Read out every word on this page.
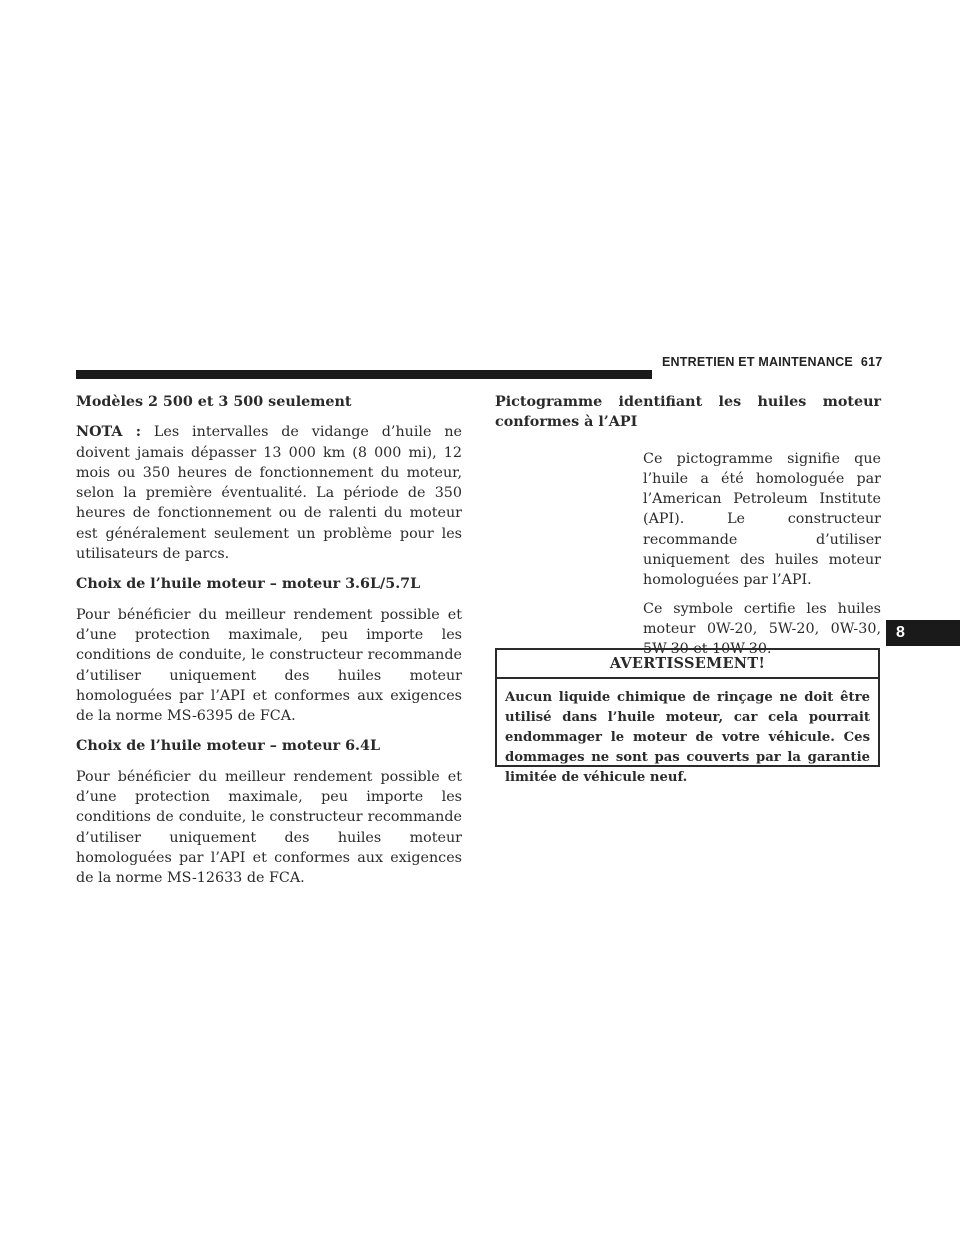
ENTRETIEN ET MAINTENANCE 617

Modèles 2 500 et 3 500 seulement

NOTA : Les intervalles de vidange d’huile ne doivent jamais dépasser 13 000 km (8 000 mi), 12 mois ou 350 heures de fonctionnement du moteur, selon la première éventualité. La période de 350 heures de fonctionnement ou de ralenti du moteur est généralement seulement un problème pour les utilisateurs de parcs.

Choix de l’huile moteur – moteur 3.6L/5.7L

Pour bénéficier du meilleur rendement possible et d’une protection maximale, peu importe les conditions de conduite, le constructeur recommande d’utiliser uniquement des huiles moteur homologuées par l’API et conformes aux exigences de la norme MS-6395 de FCA.

Choix de l’huile moteur – moteur 6.4L

Pour bénéficier du meilleur rendement possible et d’une protection maximale, peu importe les conditions de conduite, le constructeur recommande d’utiliser uniquement des huiles moteur homologuées par l’API et conformes aux exigences de la norme MS-12633 de FCA.

Pictogramme identifiant les huiles moteur conformes à l’API

Ce pictogramme signifie que l’huile a été homologuée par l’American Petroleum Institute (API). Le constructeur recommande d’utiliser uniquement des huiles moteur homologuées par l’API.

Ce symbole certifie les huiles moteur 0W-20, 5W-20, 0W-30, 5W-30 et 10W-30.

AVERTISSEMENT!
Aucun liquide chimique de rinçage ne doit être utilisé dans l’huile moteur, car cela pourrait endommager le moteur de votre véhicule. Ces dommages ne sont pas couverts par la garantie limitée de véhicule neuf.
8
